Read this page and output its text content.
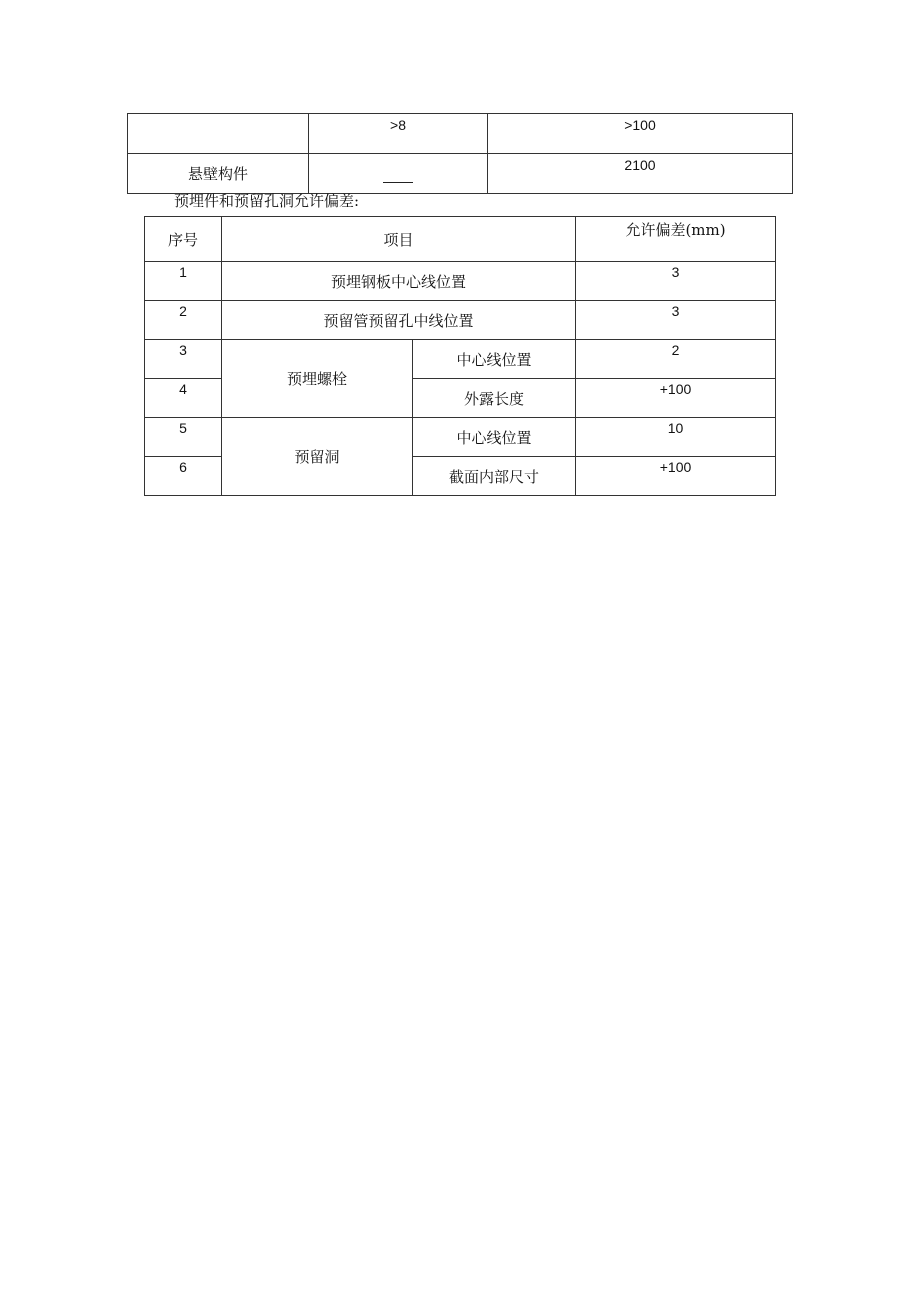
	>8	>100
悬壁构件		2100
预埋件和预留孔洞允许偏差:
序号	项目		允许偏差(mm)
1	预埋钢板中心线位置		3
2	预留管预留孔中线位置		3
3	预埋螺栓	中心线位置	2
4		外露长度	+100
5	预留洞	中心线位置	10
6		截面内部尺寸	+100
